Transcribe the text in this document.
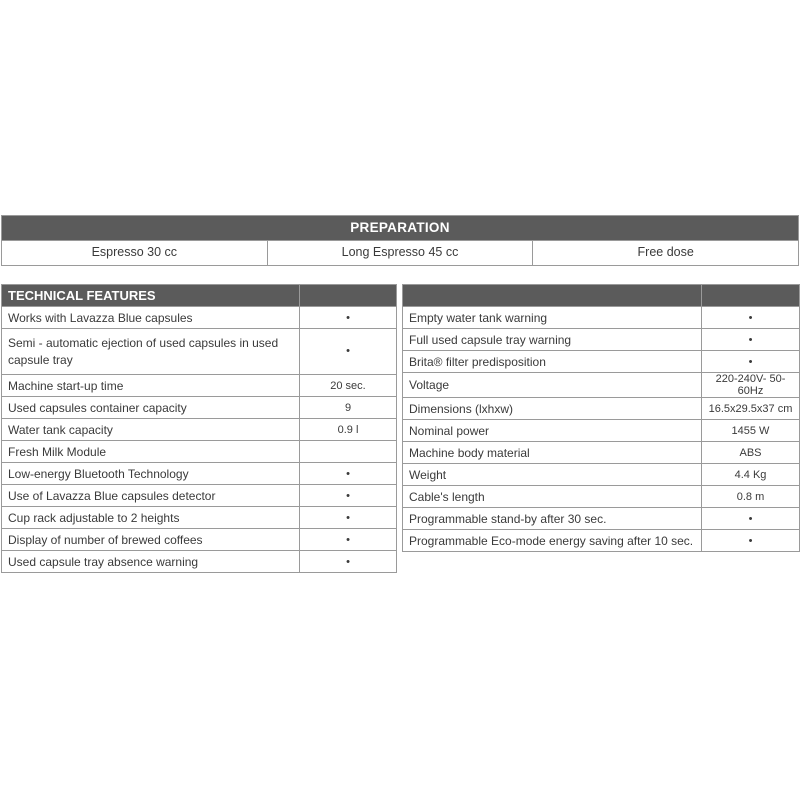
PREPARATION
Espresso 30 cc	Long Espresso 45 cc	Free dose
TECHNICAL FEATURES	
Works with Lavazza Blue capsules	•
Semi - automatic ejection of used capsules in used capsule tray	•
Machine start-up time	20 sec.
Used capsules container capacity	9
Water tank capacity	0.9 l
Fresh Milk Module	
Low-energy Bluetooth Technology	•
Use of Lavazza Blue capsules detector	•
Cup rack adjustable to 2 heights	•
Display of number of brewed coffees	•
Used capsule tray absence warning	•

Empty water tank warning	•
Full used capsule tray warning	•
Brita® filter predisposition	•
Voltage	220-240V- 50-60Hz
Dimensions (lxhxw)	16.5x29.5x37 cm
Nominal power	1455 W
Machine body material	ABS
Weight	4.4 Kg
Cable's length	0.8 m
Programmable stand-by after 30 sec.	•
Programmable Eco-mode energy saving after 10 sec.	•
